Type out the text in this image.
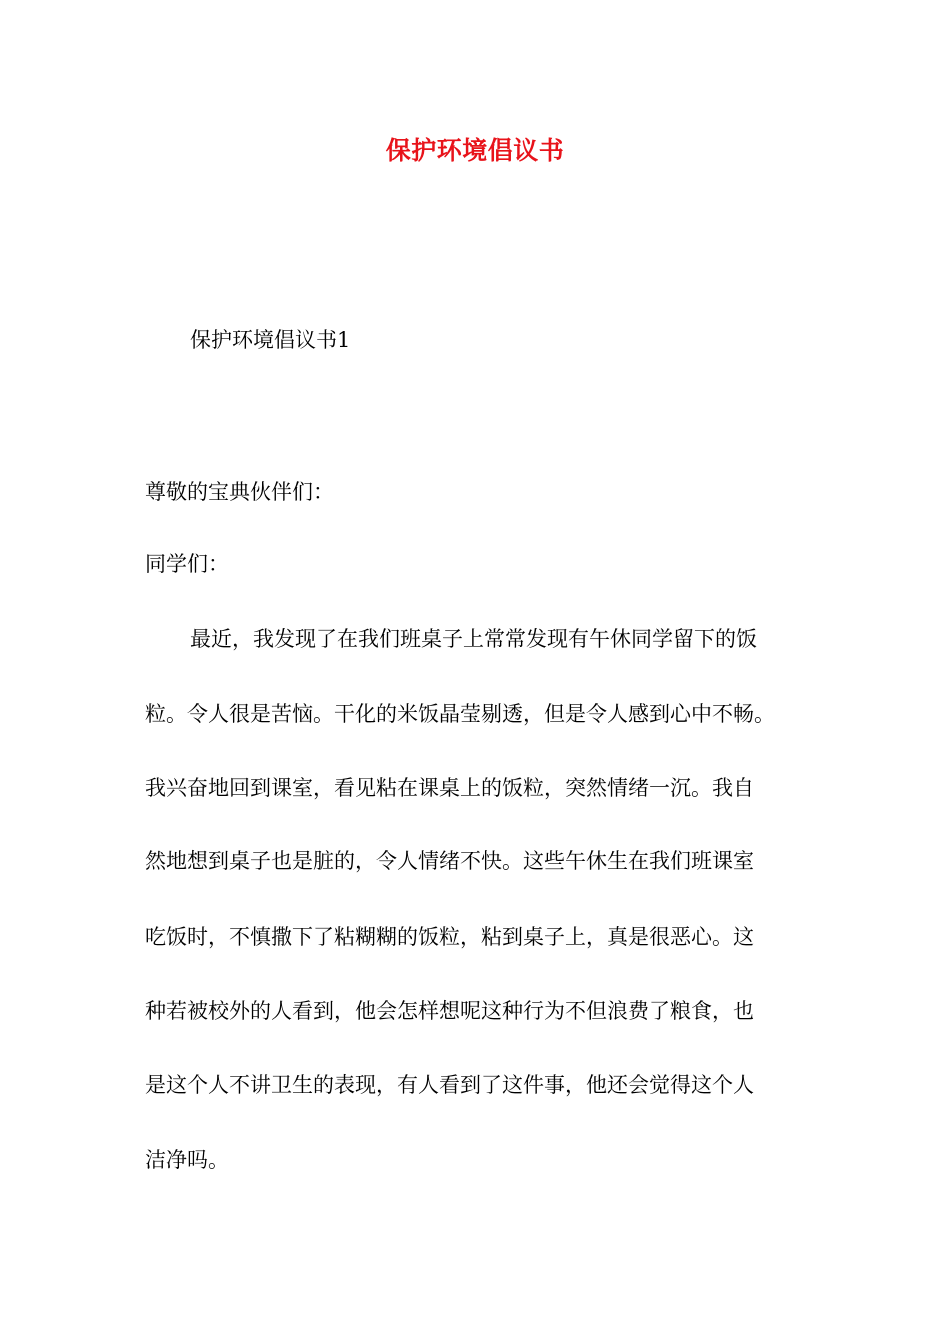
保护环境倡议书
保护环境倡议书1
尊敬的宝典伙伴们：
同学们：
最近，我发现了在我们班桌子上常常发现有午休同学留下的饭
粒。令人很是苦恼。干化的米饭晶莹剔透，但是令人感到心中不畅。
我兴奋地回到课室，看见粘在课桌上的饭粒，突然情绪一沉。我自
然地想到桌子也是脏的，令人情绪不快。这些午休生在我们班课室
吃饭时，不慎撒下了粘糊糊的饭粒，粘到桌子上，真是很恶心。这
种若被校外的人看到，他会怎样想呢这种行为不但浪费了粮食，也
是这个人不讲卫生的表现，有人看到了这件事，他还会觉得这个人
洁净吗。
